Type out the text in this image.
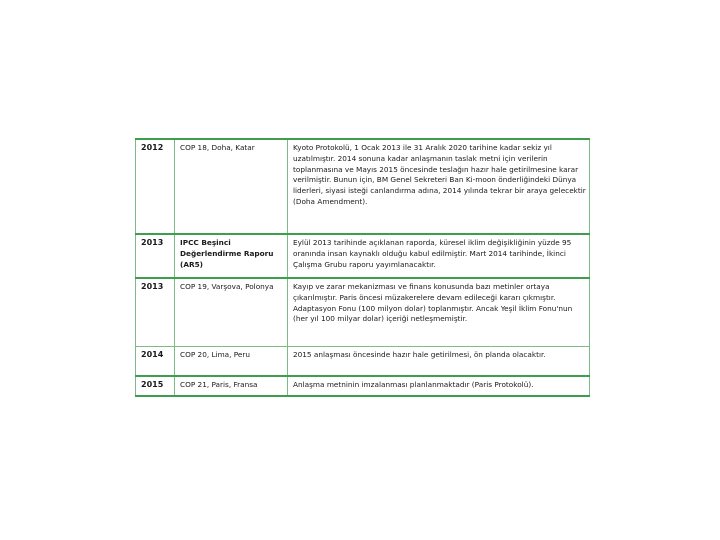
2012	COP 18, Doha, Katar	Kyoto Protokolü, 1 Ocak 2013 ile 31 Aralık 2020 tarihine kadar sekiz yıl uzatılmıştır. 2014 sonuna kadar anlaşmanın taslak metni için verilerin toplanmasına ve Mayıs 2015 öncesinde teslağın hazır hale getirilmesine karar verilmiştir. Bunun için, BM Genel Sekreteri Ban Ki-moon önderliğindeki Dünya liderleri, siyasi isteği canlandırma adına, 2014 yılında tekrar bir araya gelecektir (Doha Amendment).
2013	IPCC Beşinci Değerlendirme Raporu (AR5)	Eylül 2013 tarihinde açıklanan raporda, küresel iklim değişikliğinin yüzde 95 oranında insan kaynaklı olduğu kabul edilmiştir. Mart 2014 tarihinde, İkinci Çalışma Grubu raporu yayımlanacaktır.
2013	COP 19, Varşova, Polonya	Kayıp ve zarar mekanizması ve finans konusunda bazı metinler ortaya çıkarılmıştır. Paris öncesi müzakerelere devam edileceği kararı çıkmıştır. Adaptasyon Fonu (100 milyon dolar) toplanmıştır. Ancak Yeşil İklim Fonu'nun (her yıl 100 milyar dolar) içeriği netleşmemiştir.
2014	COP 20, Lima, Peru	2015 anlaşması öncesinde hazır hale getirilmesi, ön planda olacaktır.
2015	COP 21, Paris, Fransa	Anlaşma metninin imzalanması planlanmaktadır (Paris Protokolü).
